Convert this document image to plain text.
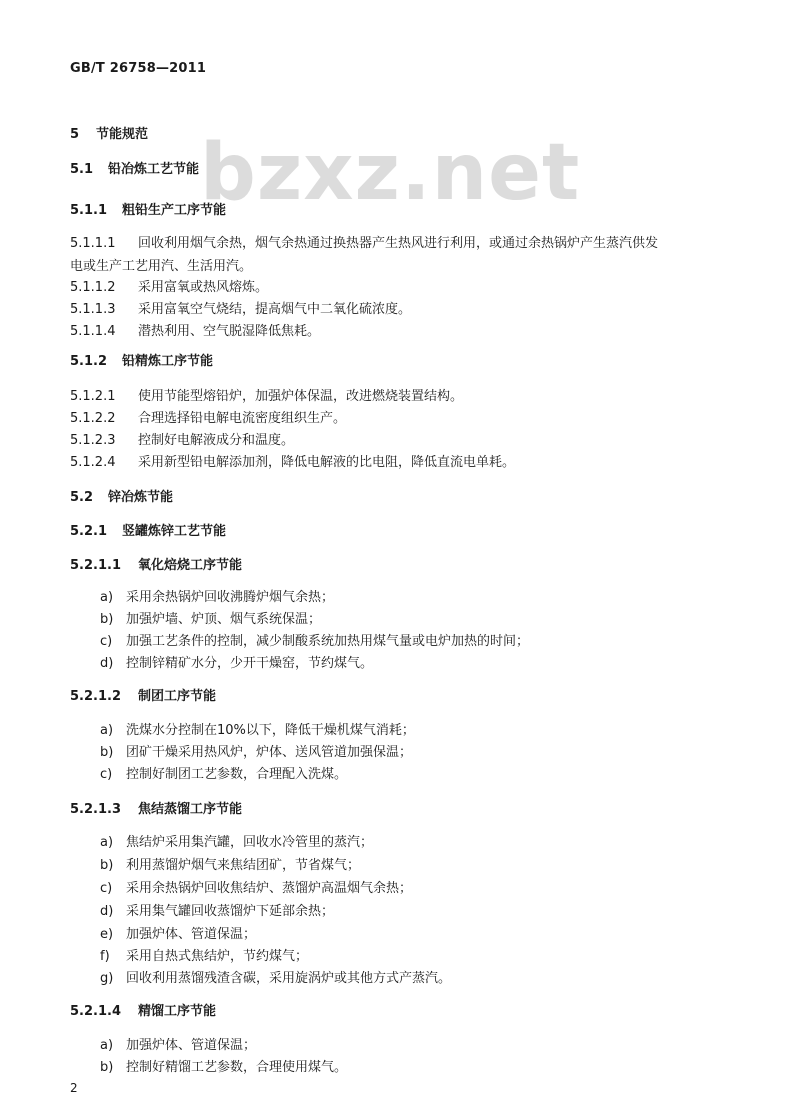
GB/T 26758—2011
bzxz.net
5 节能规范
5.1 铅冶炼工艺节能
5.1.1 粗铅生产工序节能
5.1.1.1 回收利用烟气余热，烟气余热通过换热器产生热风进行利用，或通过余热锅炉产生蒸汽供发
电或生产工艺用汽、生活用汽。
5.1.1.2 采用富氧或热风熔炼。
5.1.1.3 采用富氧空气烧结，提高烟气中二氧化硫浓度。
5.1.1.4 潜热利用、空气脱湿降低焦耗。
5.1.2 铅精炼工序节能
5.1.2.1 使用节能型熔铅炉，加强炉体保温，改进燃烧装置结构。
5.1.2.2 合理选择铅电解电流密度组织生产。
5.1.2.3 控制好电解液成分和温度。
5.1.2.4 采用新型铅电解添加剂，降低电解液的比电阻，降低直流电单耗。
5.2 锌冶炼节能
5.2.1 竖罐炼锌工艺节能
5.2.1.1 氧化焙烧工序节能
a) 采用余热锅炉回收沸腾炉烟气余热；
b) 加强炉墙、炉顶、烟气系统保温；
c) 加强工艺条件的控制，减少制酸系统加热用煤气量或电炉加热的时间；
d) 控制锌精矿水分，少开干燥窑，节约煤气。
5.2.1.2 制团工序节能
a) 洗煤水分控制在10%以下，降低干燥机煤气消耗；
b) 团矿干燥采用热风炉，炉体、送风管道加强保温；
c) 控制好制团工艺参数，合理配入洗煤。
5.2.1.3 焦结蒸馏工序节能
a) 焦结炉采用集汽罐，回收水冷管里的蒸汽；
b) 利用蒸馏炉烟气来焦结团矿，节省煤气；
c) 采用余热锅炉回收焦结炉、蒸馏炉高温烟气余热；
d) 采用集气罐回收蒸馏炉下延部余热；
e) 加强炉体、管道保温；
f) 采用自热式焦结炉，节约煤气；
g) 回收利用蒸馏残渣含碳，采用旋涡炉或其他方式产蒸汽。
5.2.1.4 精馏工序节能
a) 加强炉体、管道保温；
b) 控制好精馏工艺参数，合理使用煤气。
2
